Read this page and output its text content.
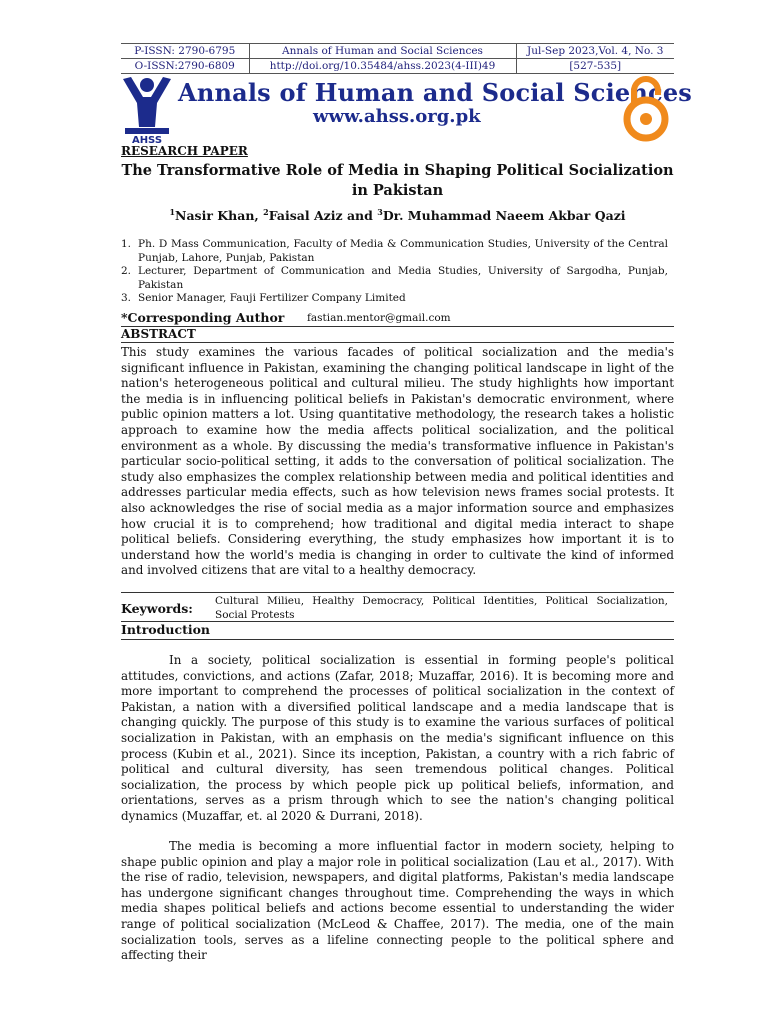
P-ISSN: 2790-6795	Annals of Human and Social Sciences	Jul-Sep 2023,Vol. 4, No. 3
O-ISSN:2790-6809	http://doi.org/10.35484/ahss.2023(4-III)49	[527-535]
AHSS
Annals of Human and Social Sciences
www.ahss.org.pk
RESEARCH PAPER
The Transformative Role of Media in Shaping Political Socialization in Pakistan
$^1$Nasir Khan, $^2$Faisal Aziz and $^3$Dr. Muhammad Naeem Akbar Qazi
1. Ph. D Mass Communication, Faculty of Media & Communication Studies, University of the Central Punjab, Lahore, Punjab, Pakistan
2. Lecturer, Department of Communication and Media Studies, University of Sargodha, Punjab, Pakistan
3. Senior Manager, Fauji Fertilizer Company Limited
*Corresponding Author fastian.mentor@gmail.com
ABSTRACT
This study examines the various facades of political socialization and the media's significant influence in Pakistan, examining the changing political landscape in light of the nation's heterogeneous political and cultural milieu. The study highlights how important the media is in influencing political beliefs in Pakistan's democratic environment, where public opinion matters a lot. Using quantitative methodology, the research takes a holistic approach to examine how the media affects political socialization, and the political environment as a whole. By discussing the media's transformative influence in Pakistan's particular socio-political setting, it adds to the conversation of political socialization. The study also emphasizes the complex relationship between media and political identities and addresses particular media effects, such as how television news frames social protests. It also acknowledges the rise of social media as a major information source and emphasizes how crucial it is to comprehend; how traditional and digital media interact to shape political beliefs. Considering everything, the study emphasizes how important it is to understand how the world's media is changing in order to cultivate the kind of informed and involved citizens that are vital to a healthy democracy.
Keywords: Cultural Milieu, Healthy Democracy, Political Identities, Political Socialization, Social Protests
Introduction

In a society, political socialization is essential in forming people's political attitudes, convictions, and actions (Zafar, 2018; Muzaffar, 2016). It is becoming more and more important to comprehend the processes of political socialization in the context of Pakistan, a nation with a diversified political landscape and a media landscape that is changing quickly. The purpose of this study is to examine the various surfaces of political socialization in Pakistan, with an emphasis on the media's significant influence on this process (Kubin et al., 2021). Since its inception, Pakistan, a country with a rich fabric of political and cultural diversity, has seen tremendous political changes. Political socialization, the process by which people pick up political beliefs, information, and orientations, serves as a prism through which to see the nation's changing political dynamics (Muzaffar, et. al 2020 & Durrani, 2018).

The media is becoming a more influential factor in modern society, helping to shape public opinion and play a major role in political socialization (Lau et al., 2017). With the rise of radio, television, newspapers, and digital platforms, Pakistan's media landscape has undergone significant changes throughout time. Comprehending the ways in which media shapes political beliefs and actions become essential to understanding the wider range of political socialization (McLeod & Chaffee, 2017). The media, one of the main socialization tools, serves as a lifeline connecting people to the political sphere and affecting their
